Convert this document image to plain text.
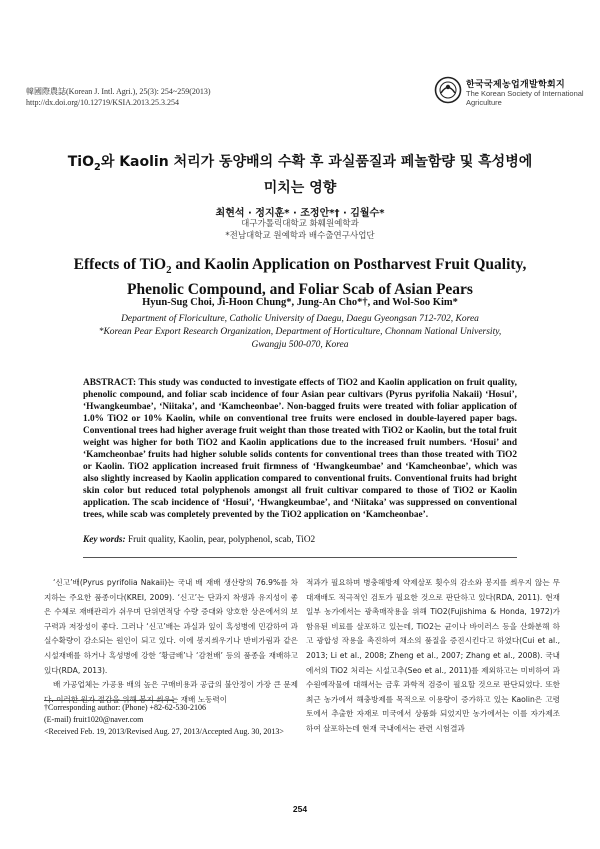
韓國際農誌(Korean J. Intl. Agri.), 25(3): 254~259(2013)
http://dx.doi.org/10.12719/KSIA.2013.25.3.254
한국국제농업개발학회지
The Korean Society of International
Agriculture
TiO$_2$와 Kaolin 처리가 동양배의 수확 후 과실품질과 페놀함량 및 흑성병에
미치는 영향
최현석 · 정지훈* · 조정안*† · 김월수*
대구가톨릭대학교 화훼원예학과
*전남대학교 원예학과 배수출연구사업단
Effects of TiO$_2$ and Kaolin Application on Postharvest Fruit Quality,
Phenolic Compound, and Foliar Scab of Asian Pears
Hyun-Sug Choi, Ji-Hoon Chung*, Jung-An Cho*†, and Wol-Soo Kim*
Department of Floriculture, Catholic University of Daegu, Daegu Gyeongsan 712-702, Korea
*Korean Pear Export Research Organization, Department of Horticulture, Chonnam National University,
Gwangju 500-070, Korea
ABSTRACT: This study was conducted to investigate effects of TiO2 and Kaolin application on fruit quality, phenolic compound, and foliar scab incidence of four Asian pear cultivars (Pyrus pyrifolia Nakaii) ‘Hosui’, ‘Hwangkeumbae’, ‘Niitaka’, and ‘Kamcheonbae’. Non-bagged fruits were treated with foliar application of 1.0% TiO2 or 10% Kaolin, while on conventional tree fruits were enclosed in double-layered paper bags. Conventional trees had higher average fruit weight than those treated with TiO2 or Kaolin, but the total fruit weight was higher for both TiO2 and Kaolin applications due to the increased fruit numbers. ‘Hosui’ and ‘Kamcheonbae’ fruits had higher soluble solids contents for conventional trees than those treated with TiO2 or Kaolin. TiO2 application increased fruit firmness of ‘Hwangkeumbae’ and ‘Kamcheonbae’, which was also slightly increased by Kaolin application compared to conventional fruits. Conventional fruits had bright skin color but reduced total polyphenols amongst all fruit cultivar compared to those of TiO2 or Kaolin application. The scab incidence of ‘Hosui’, ‘Hwangkeumbae’, and ‘Niitaka’ was suppressed on conventional trees, while scab was completely prevented by the TiO2 application on ‘Kamcheonbae’.
Key words: Fruit quality, Kaolin, pear, polyphenol, scab, TiO2

‘신고’배(Pyrus pyrifolia Nakaii)는 국내 배 재배 생산량의 76.9%를 차지하는 주요한 품종이다(KREI, 2009). ‘신고’는 단과지 착생과 유지성이 좋은 수체로 재배관리가 쉬우며 단위면적당 수량 증대와 양호한 상온에서의 보구력과 저장성이 좋다. 그러나 ‘신고’배는 과실과 잎이 흑성병에 민감하여 과실수확량이 감소되는 원인이 되고 있다. 이에 봉지씌우기나 반비가림과 같은 시설재배를 하거나 흑성병에 강한 ‘황금배’나 ‘감천배’ 등의 품종을 재배하고 있다(RDA, 2013).

배 가공업체는 가공용 배의 높은 구매비용과 공급의 불안정이 가장 큰 문제다. 이러한 원가 절감을 위해 봉지 씌우는 재배 노동력이

적과가 필요하며 병충해방제 약제살포 횟수의 감소와 봉지를 씌우지 않는 무대재배도 적극적인 검토가 필요한 것으로 판단하고 있다(RDA, 2011). 현재 일부 농가에서는 광촉매작용을 위해 TiO2(Fujishima & Honda, 1972)가 함유된 비료를 살포하고 있는데, TiO2는 균이나 바이러스 등을 산화분해 하고 광합성 작용을 촉진하여 채소의 품질을 증진시킨다고 하였다(Cui et al., 2013; Li et al., 2008; Zheng et al., 2007; Zhang et al., 2008). 국내에서의 TiO2 처리는 시설고추(Seo et al., 2011)를 제외하고는 미비하여 과수원예작물에 대해서는 금후 과학적 검증이 필요할 것으로 판단되었다. 또한 최근 농가에서 해충방제를 목적으로 이용량이 증가하고 있는 Kaolin은 고령토에서 추출한 자재로 미국에서 상품화 되었지만 농가에서는 이를 자가제조하여 살포하는데 현재 국내에서는 관련 시험결과

†Corresponding author: (Phone) +82-62-530-2106
(E-mail) fruit1020@naver.com
<Received Feb. 19, 2013/Revised Aug. 27, 2013/Accepted Aug. 30, 2013>
254
